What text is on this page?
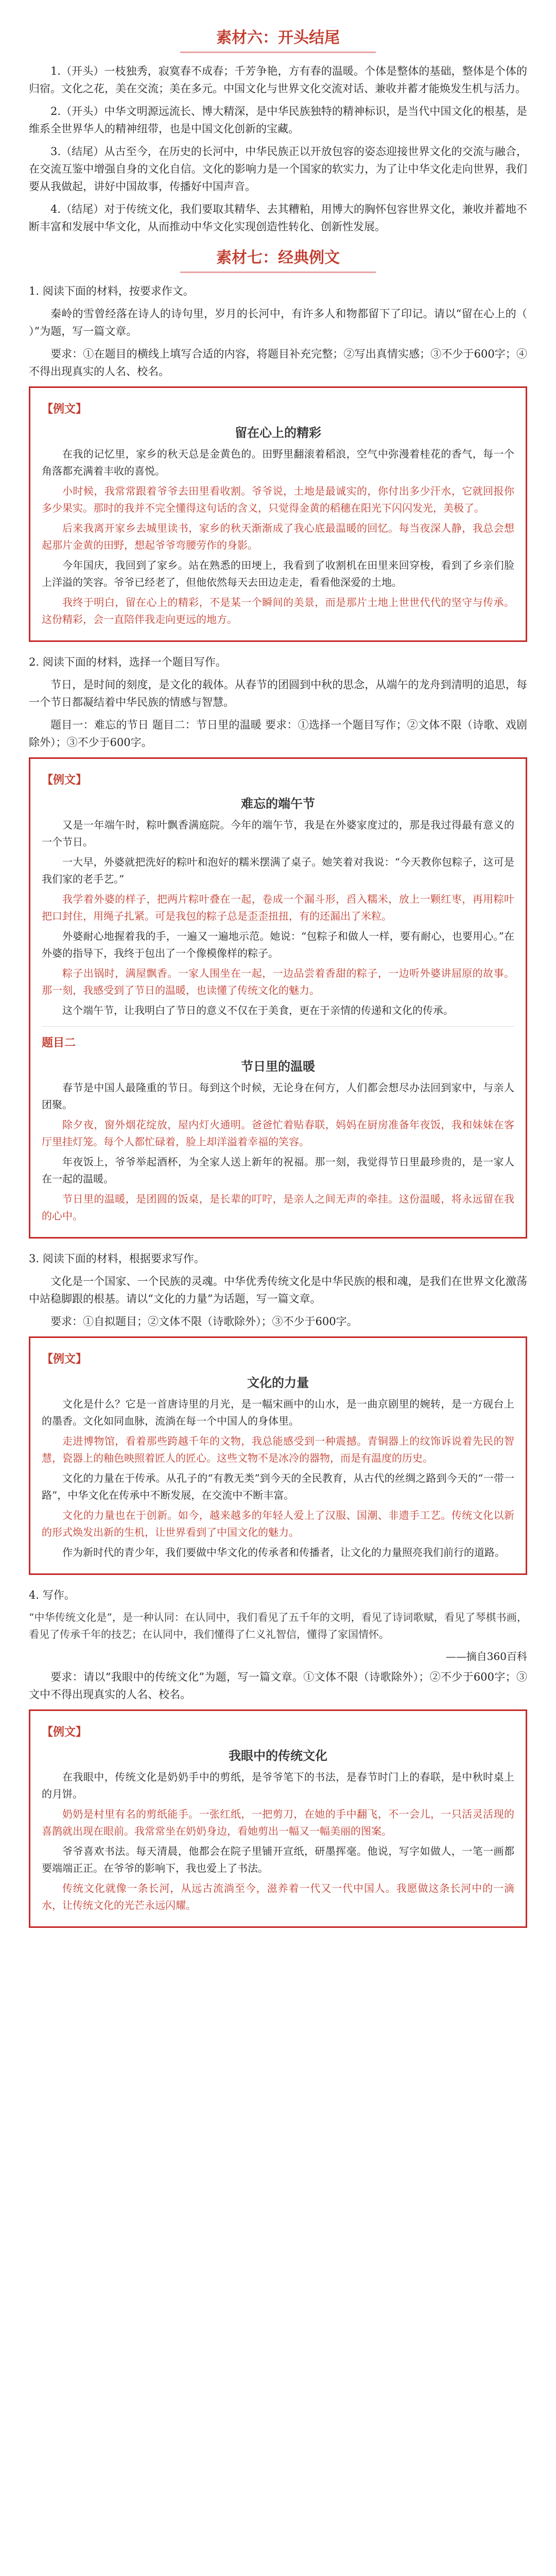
素材六：开头结尾

1.（开头）一枝独秀，寂寞春不成春；千芳争艳，方有春的温暖。个体是整体的基础，整体是个体的归宿。文化之花，美在交流；美在多元。中国文化与世界文化交流对话、兼收并蓄才能焕发生机与活力。

2.（开头）中华文明源远流长、博大精深，是中华民族独特的精神标识，是当代中国文化的根基，是维系全世界华人的精神纽带，也是中国文化创新的宝藏。

3.（结尾）从古至今，在历史的长河中，中华民族正以开放包容的姿态迎接世界文化的交流与融合，在交流互鉴中增强自身的文化自信。文化的影响力是一个国家的软实力，为了让中华文化走向世界，我们要从我做起，讲好中国故事，传播好中国声音。

4.（结尾）对于传统文化，我们要取其精华、去其糟粕，用博大的胸怀包容世界文化，兼收并蓄地不断丰富和发展中华文化，从而推动中华文化实现创造性转化、创新性发展。

素材七：经典例文
1. 阅读下面的材料，按要求作文。

秦岭的雪曾经落在诗人的诗句里，岁月的长河中，有许多人和物都留下了印记。请以“留在心上的（ ）”为题，写一篇文章。

要求：①在题目的横线上填写合适的内容，将题目补充完整；②写出真情实感；③不少于600字；④不得出现真实的人名、校名。

【例文】
留在心上的精彩

在我的记忆里，家乡的秋天总是金黄色的。田野里翻滚着稻浪，空气中弥漫着桂花的香气，每一个角落都充满着丰收的喜悦。

小时候，我常常跟着爷爷去田里看收割。爷爷说，土地是最诚实的，你付出多少汗水，它就回报你多少果实。那时的我并不完全懂得这句话的含义，只觉得金黄的稻穗在阳光下闪闪发光，美极了。

后来我离开家乡去城里读书，家乡的秋天渐渐成了我心底最温暖的回忆。每当夜深人静，我总会想起那片金黄的田野，想起爷爷弯腰劳作的身影。

今年国庆，我回到了家乡。站在熟悉的田埂上，我看到了收割机在田里来回穿梭，看到了乡亲们脸上洋溢的笑容。爷爷已经老了，但他依然每天去田边走走，看看他深爱的土地。

我终于明白，留在心上的精彩，不是某一个瞬间的美景，而是那片土地上世世代代的坚守与传承。这份精彩，会一直陪伴我走向更远的地方。

2. 阅读下面的材料，选择一个题目写作。

节日，是时间的刻度，是文化的载体。从春节的团圆到中秋的思念，从端午的龙舟到清明的追思，每一个节日都凝结着中华民族的情感与智慧。

题目一：难忘的节日 题目二：节日里的温暖 要求：①选择一个题目写作；②文体不限（诗歌、戏剧除外）；③不少于600字。

【例文】
难忘的端午节

又是一年端午时，粽叶飘香满庭院。今年的端午节，我是在外婆家度过的，那是我过得最有意义的一个节日。

一大早，外婆就把洗好的粽叶和泡好的糯米摆满了桌子。她笑着对我说：“今天教你包粽子，这可是我们家的老手艺。”

我学着外婆的样子，把两片粽叶叠在一起，卷成一个漏斗形，舀入糯米，放上一颗红枣，再用粽叶把口封住，用绳子扎紧。可是我包的粽子总是歪歪扭扭，有的还漏出了米粒。

外婆耐心地握着我的手，一遍又一遍地示范。她说：“包粽子和做人一样，要有耐心，也要用心。”在外婆的指导下，我终于包出了一个像模像样的粽子。

粽子出锅时，满屋飘香。一家人围坐在一起，一边品尝着香甜的粽子，一边听外婆讲屈原的故事。那一刻，我感受到了节日的温暖，也读懂了传统文化的魅力。

这个端午节，让我明白了节日的意义不仅在于美食，更在于亲情的传递和文化的传承。

题目二
节日里的温暖

春节是中国人最隆重的节日。每到这个时候，无论身在何方，人们都会想尽办法回到家中，与亲人团聚。

除夕夜，窗外烟花绽放，屋内灯火通明。爸爸忙着贴春联，妈妈在厨房准备年夜饭，我和妹妹在客厅里挂灯笼。每个人都忙碌着，脸上却洋溢着幸福的笑容。

年夜饭上，爷爷举起酒杯，为全家人送上新年的祝福。那一刻，我觉得节日里最珍贵的，是一家人在一起的温暖。

节日里的温暖，是团圆的饭桌，是长辈的叮咛，是亲人之间无声的牵挂。这份温暖，将永远留在我的心中。

3. 阅读下面的材料，根据要求写作。

文化是一个国家、一个民族的灵魂。中华优秀传统文化是中华民族的根和魂，是我们在世界文化激荡中站稳脚跟的根基。请以“文化的力量”为话题，写一篇文章。

要求：①自拟题目；②文体不限（诗歌除外）；③不少于600字。

【例文】
文化的力量

文化是什么？它是一首唐诗里的月光，是一幅宋画中的山水，是一曲京剧里的婉转，是一方砚台上的墨香。文化如同血脉，流淌在每一个中国人的身体里。

走进博物馆，看着那些跨越千年的文物，我总能感受到一种震撼。青铜器上的纹饰诉说着先民的智慧，瓷器上的釉色映照着匠人的匠心。这些文物不是冰冷的器物，而是有温度的历史。

文化的力量在于传承。从孔子的“有教无类”到今天的全民教育，从古代的丝绸之路到今天的“一带一路”，中华文化在传承中不断发展，在交流中不断丰富。

文化的力量也在于创新。如今，越来越多的年轻人爱上了汉服、国潮、非遗手工艺。传统文化以新的形式焕发出新的生机，让世界看到了中国文化的魅力。

作为新时代的青少年，我们要做中华文化的传承者和传播者，让文化的力量照亮我们前行的道路。

4. 写作。
“中华传统文化是”，是一种认同：在认同中，我们看见了五千年的文明，看见了诗词歌赋，看见了琴棋书画，看见了传承千年的技艺；在认同中，我们懂得了仁义礼智信，懂得了家国情怀。
——摘自360百科

要求：请以“我眼中的传统文化”为题，写一篇文章。①文体不限（诗歌除外）；②不少于600字；③文中不得出现真实的人名、校名。

【例文】
我眼中的传统文化

在我眼中，传统文化是奶奶手中的剪纸，是爷爷笔下的书法，是春节时门上的春联，是中秋时桌上的月饼。

奶奶是村里有名的剪纸能手。一张红纸，一把剪刀，在她的手中翻飞，不一会儿，一只活灵活现的喜鹊就出现在眼前。我常常坐在奶奶身边，看她剪出一幅又一幅美丽的图案。

爷爷喜欢书法。每天清晨，他都会在院子里铺开宣纸，研墨挥毫。他说，写字如做人，一笔一画都要端端正正。在爷爷的影响下，我也爱上了书法。

传统文化就像一条长河，从远古流淌至今，滋养着一代又一代中国人。我愿做这条长河中的一滴水，让传统文化的光芒永远闪耀。
